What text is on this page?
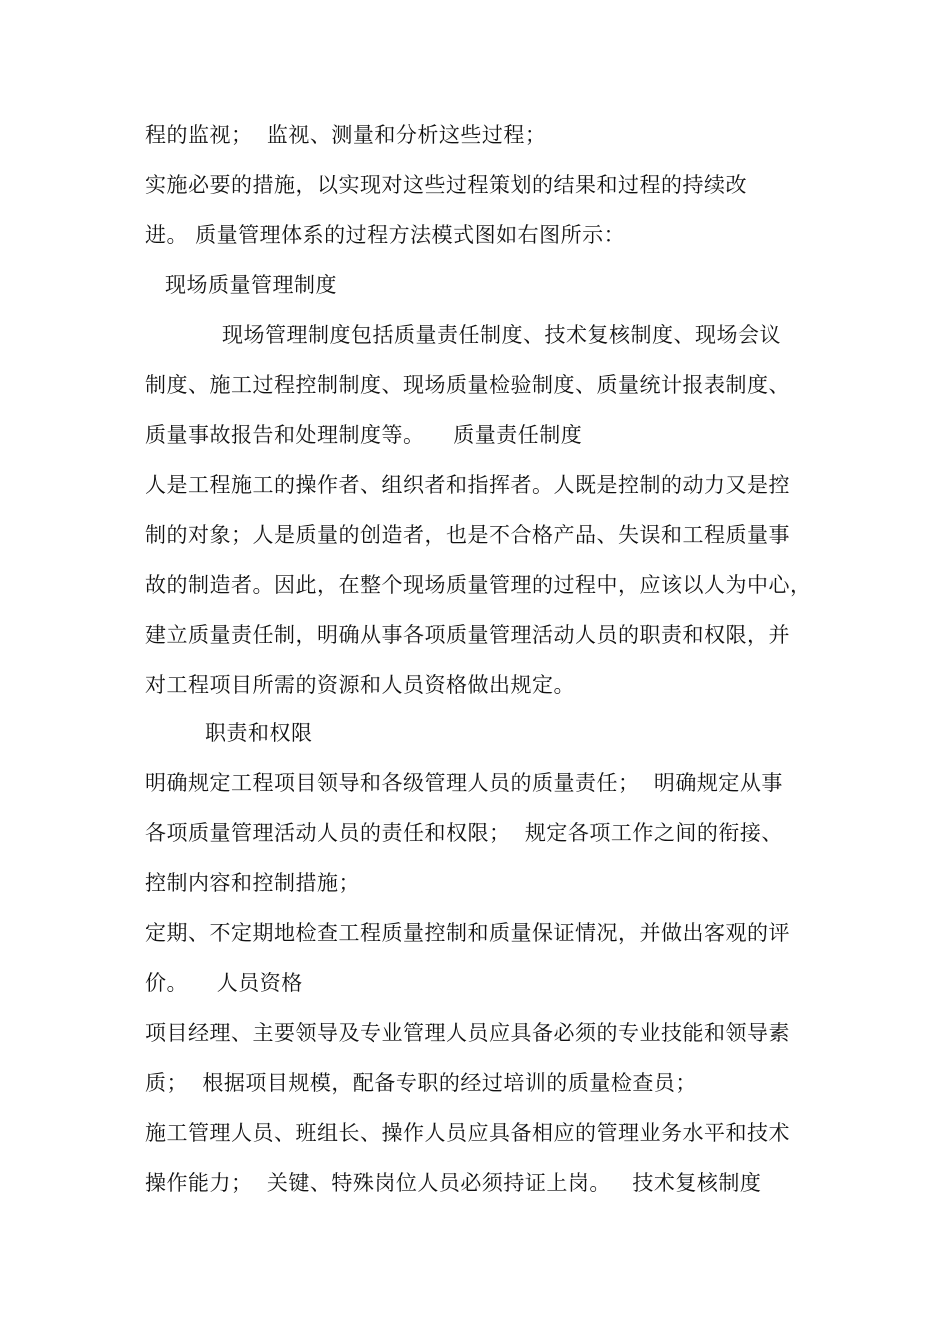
程的监视；  监视、测量和分析这些过程；
实施必要的措施，以实现对这些过程策划的结果和过程的持续改
进。 质量管理体系的过程方法模式图如右图所示：
现场质量管理制度
现场管理制度包括质量责任制度、技术复核制度、现场会议
制度、施工过程控制制度、现场质量检验制度、质量统计报表制度、
质量事故报告和处理制度等。    质量责任制度
人是工程施工的操作者、组织者和指挥者。人既是控制的动力又是控
制的对象；人是质量的创造者，也是不合格产品、失误和工程质量事
故的制造者。因此，在整个现场质量管理的过程中，应该以人为中心，
建立质量责任制，明确从事各项质量管理活动人员的职责和权限，并
对工程项目所需的资源和人员资格做出规定。
职责和权限
明确规定工程项目领导和各级管理人员的质量责任；  明确规定从事
各项质量管理活动人员的责任和权限；  规定各项工作之间的衔接、
控制内容和控制措施；
定期、不定期地检查工程质量控制和质量保证情况，并做出客观的评
价。    人员资格
项目经理、主要领导及专业管理人员应具备必须的专业技能和领导素
质；  根据项目规模，配备专职的经过培训的质量检查员；
施工管理人员、班组长、操作人员应具备相应的管理业务水平和技术
操作能力；  关键、特殊岗位人员必须持证上岗。   技术复核制度
